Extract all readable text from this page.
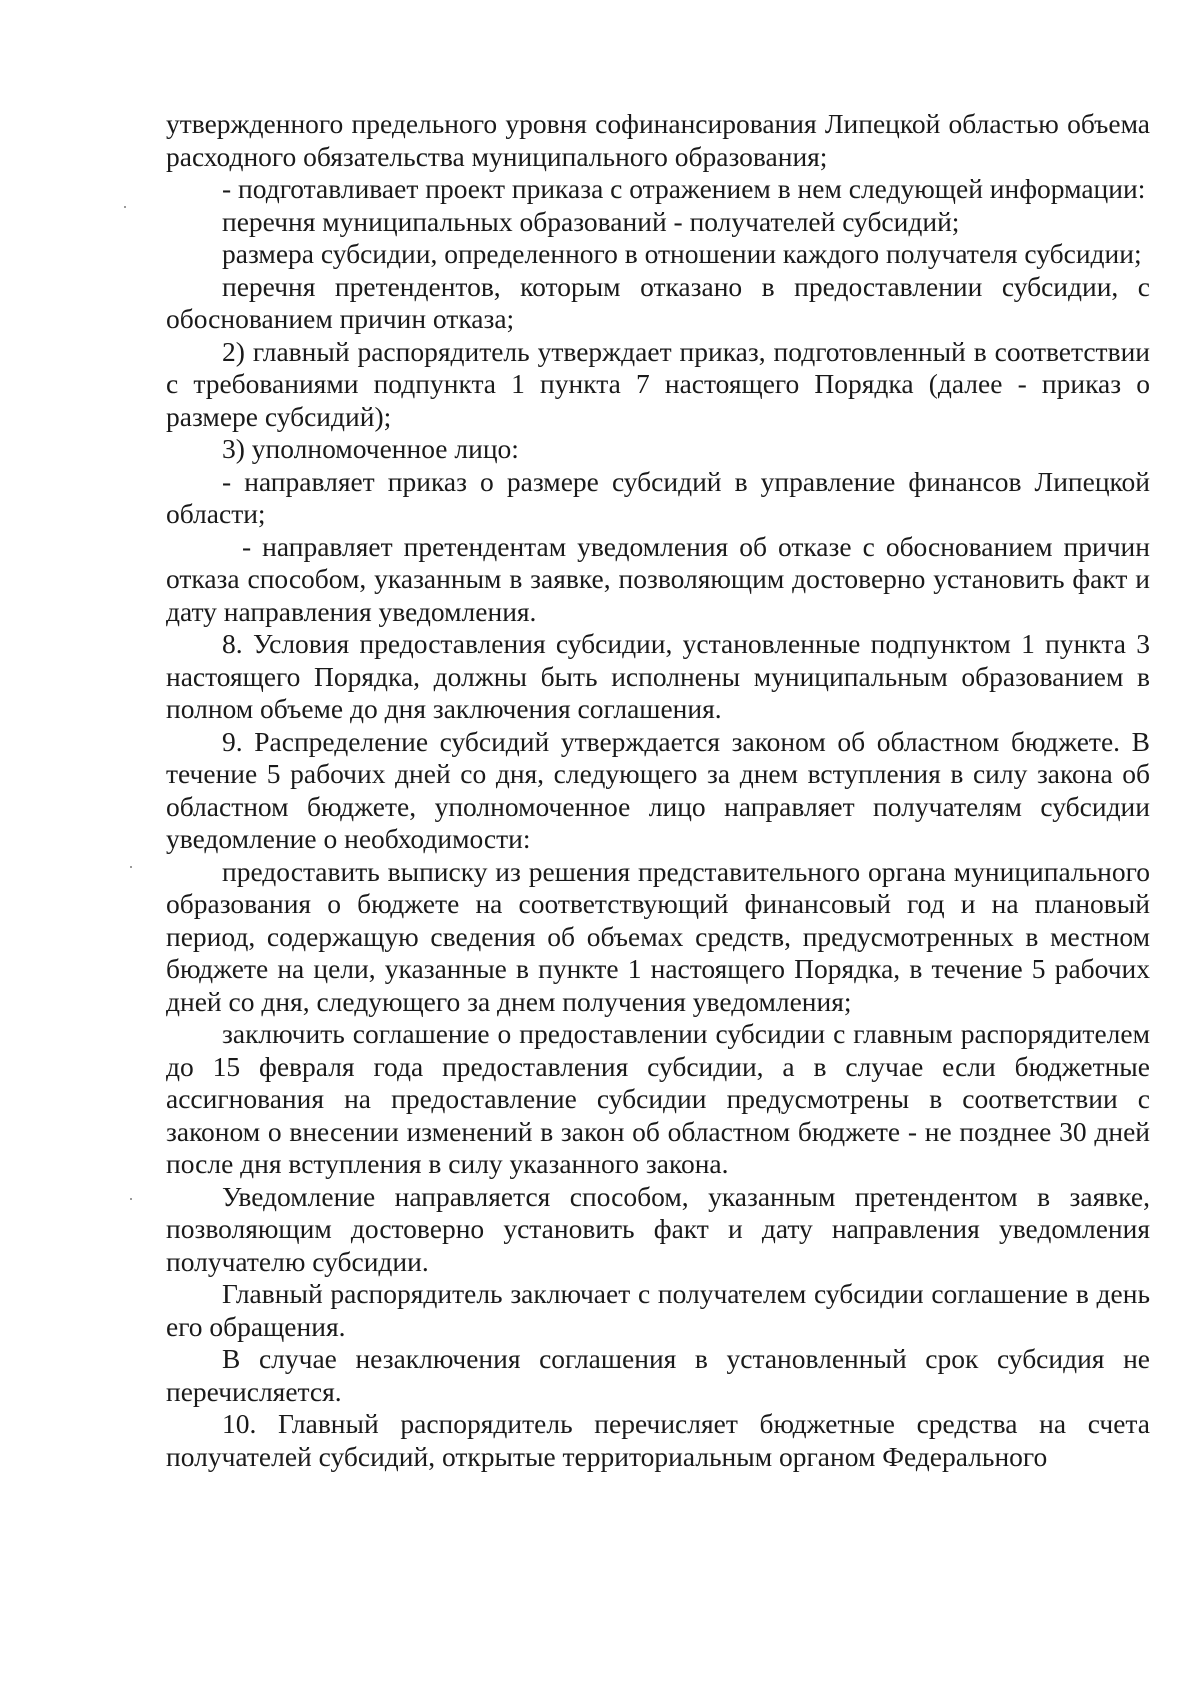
утвержденного предельного уровня софинансирования Липецкой областью объема расходного обязательства муниципального образования;

- подготавливает проект приказа с отражением в нем следующей информации:

перечня муниципальных образований - получателей субсидий;

размера субсидии, определенного в отношении каждого получателя субсидии;

перечня претендентов, которым отказано в предоставлении субсидии, с обоснованием причин отказа;

2) главный распорядитель утверждает приказ, подготовленный в соответствии с требованиями подпункта 1 пункта 7 настоящего Порядка (далее - приказ о размере субсидий);

3) уполномоченное лицо:

- направляет приказ о размере субсидий в управление финансов Липецкой области;

- направляет претендентам уведомления об отказе с обоснованием причин отказа способом, указанным в заявке, позволяющим достоверно установить факт и дату направления уведомления.

8. Условия предоставления субсидии, установленные подпунктом 1 пункта 3 настоящего Порядка, должны быть исполнены муниципальным образованием в полном объеме до дня заключения соглашения.

9. Распределение субсидий утверждается законом об областном бюджете. В течение 5 рабочих дней со дня, следующего за днем вступления в силу закона об областном бюджете, уполномоченное лицо направляет получателям субсидии уведомление о необходимости:

предоставить выписку из решения представительного органа муниципального образования о бюджете на соответствующий финансовый год и на плановый период, содержащую сведения об объемах средств, предусмотренных в местном бюджете на цели, указанные в пункте 1 настоящего Порядка, в течение 5 рабочих дней со дня, следующего за днем получения уведомления;

заключить соглашение о предоставлении субсидии с главным распорядителем до 15 февраля года предоставления субсидии, а в случае если бюджетные ассигнования на предоставление субсидии предусмотрены в соответствии с законом о внесении изменений в закон об областном бюджете - не позднее 30 дней после дня вступления в силу указанного закона.

Уведомление направляется способом, указанным претендентом в заявке, позволяющим достоверно установить факт и дату направления уведомления получателю субсидии.

Главный распорядитель заключает с получателем субсидии соглашение в день его обращения.

В случае незаключения соглашения в установленный срок субсидия не перечисляется.

10. Главный распорядитель перечисляет бюджетные средства на счета получателей субсидий, открытые территориальным органом Федерального
